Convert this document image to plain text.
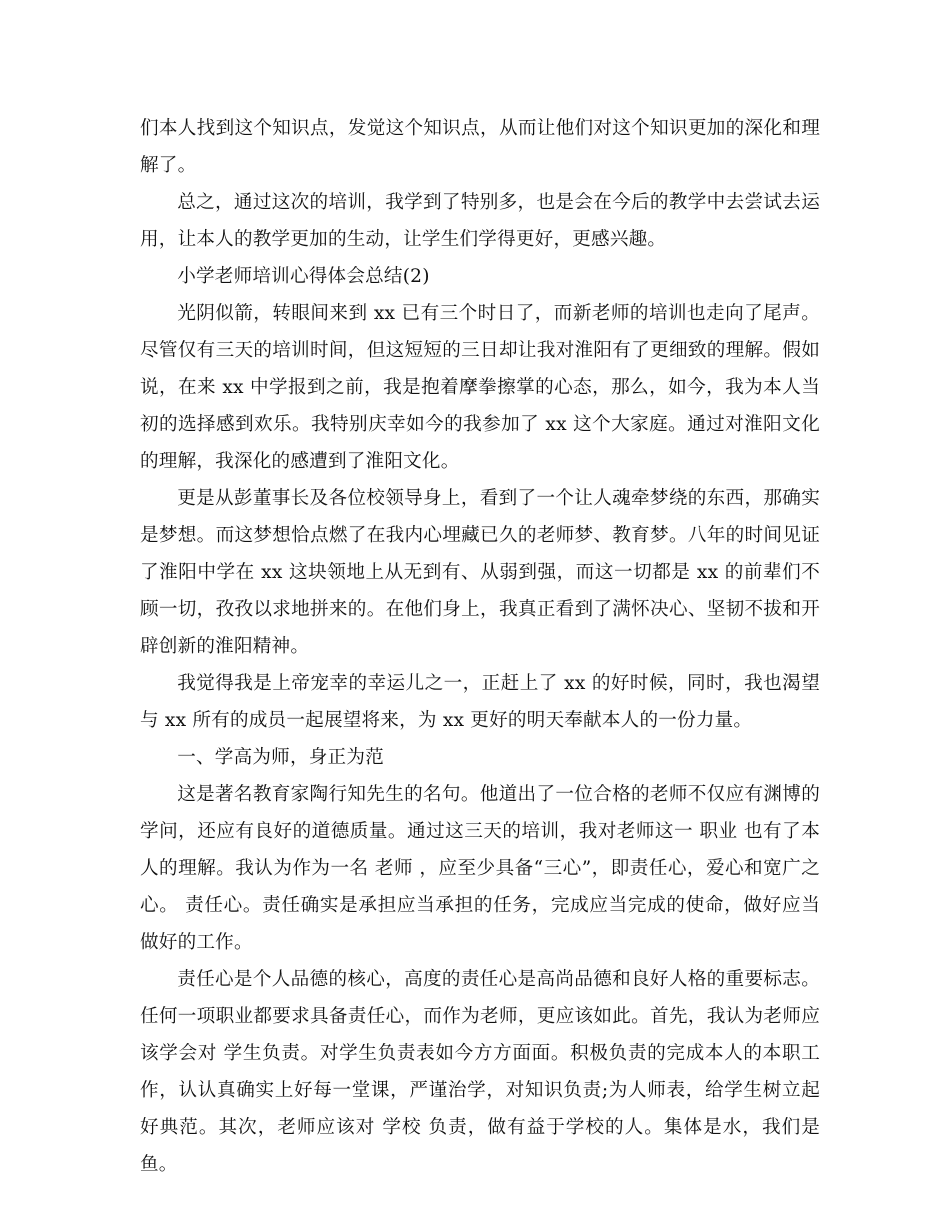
们本人找到这个知识点，发觉这个知识点，从而让他们对这个知识更加的深化和理解了。

总之，通过这次的培训，我学到了特别多，也是会在今后的教学中去尝试去运用，让本人的教学更加的生动，让学生们学得更好，更感兴趣。

小学老师培训心得体会总结(2)

光阴似箭，转眼间来到 xx 已有三个时日了，而新老师的培训也走向了尾声。尽管仅有三天的培训时间，但这短短的三日却让我对淮阳有了更细致的理解。假如说，在来 xx 中学报到之前，我是抱着摩拳擦掌的心态，那么，如今，我为本人当初的选择感到欢乐。我特别庆幸如今的我参加了 xx 这个大家庭。通过对淮阳文化的理解，我深化的感遭到了淮阳文化。

更是从彭董事长及各位校领导身上，看到了一个让人魂牵梦绕的东西，那确实是梦想。而这梦想恰点燃了在我内心埋藏已久的老师梦、教育梦。八年的时间见证了淮阳中学在 xx 这块领地上从无到有、从弱到强，而这一切都是 xx 的前辈们不顾一切，孜孜以求地拼来的。在他们身上，我真正看到了满怀决心、坚韧不拔和开辟创新的淮阳精神。

我觉得我是上帝宠幸的幸运儿之一，正赶上了 xx 的好时候，同时，我也渴望与 xx 所有的成员一起展望将来，为 xx 更好的明天奉献本人的一份力量。

一、学高为师，身正为范

这是著名教育家陶行知先生的名句。他道出了一位合格的老师不仅应有渊博的学问，还应有良好的道德质量。通过这三天的培训，我对老师这一 职业 也有了本人的理解。我认为作为一名 老师 ，应至少具备“三心”，即责任心，爱心和宽广之心。 责任心。责任确实是承担应当承担的任务，完成应当完成的使命，做好应当做好的工作。

责任心是个人品德的核心，高度的责任心是高尚品德和良好人格的重要标志。任何一项职业都要求具备责任心，而作为老师，更应该如此。首先，我认为老师应该学会对 学生负责。对学生负责表如今方方面面。积极负责的完成本人的本职工作，认认真确实上好每一堂课，严谨治学，对知识负责;为人师表，给学生树立起好典范。其次，老师应该对 学校 负责，做有益于学校的人。集体是水，我们是鱼。
